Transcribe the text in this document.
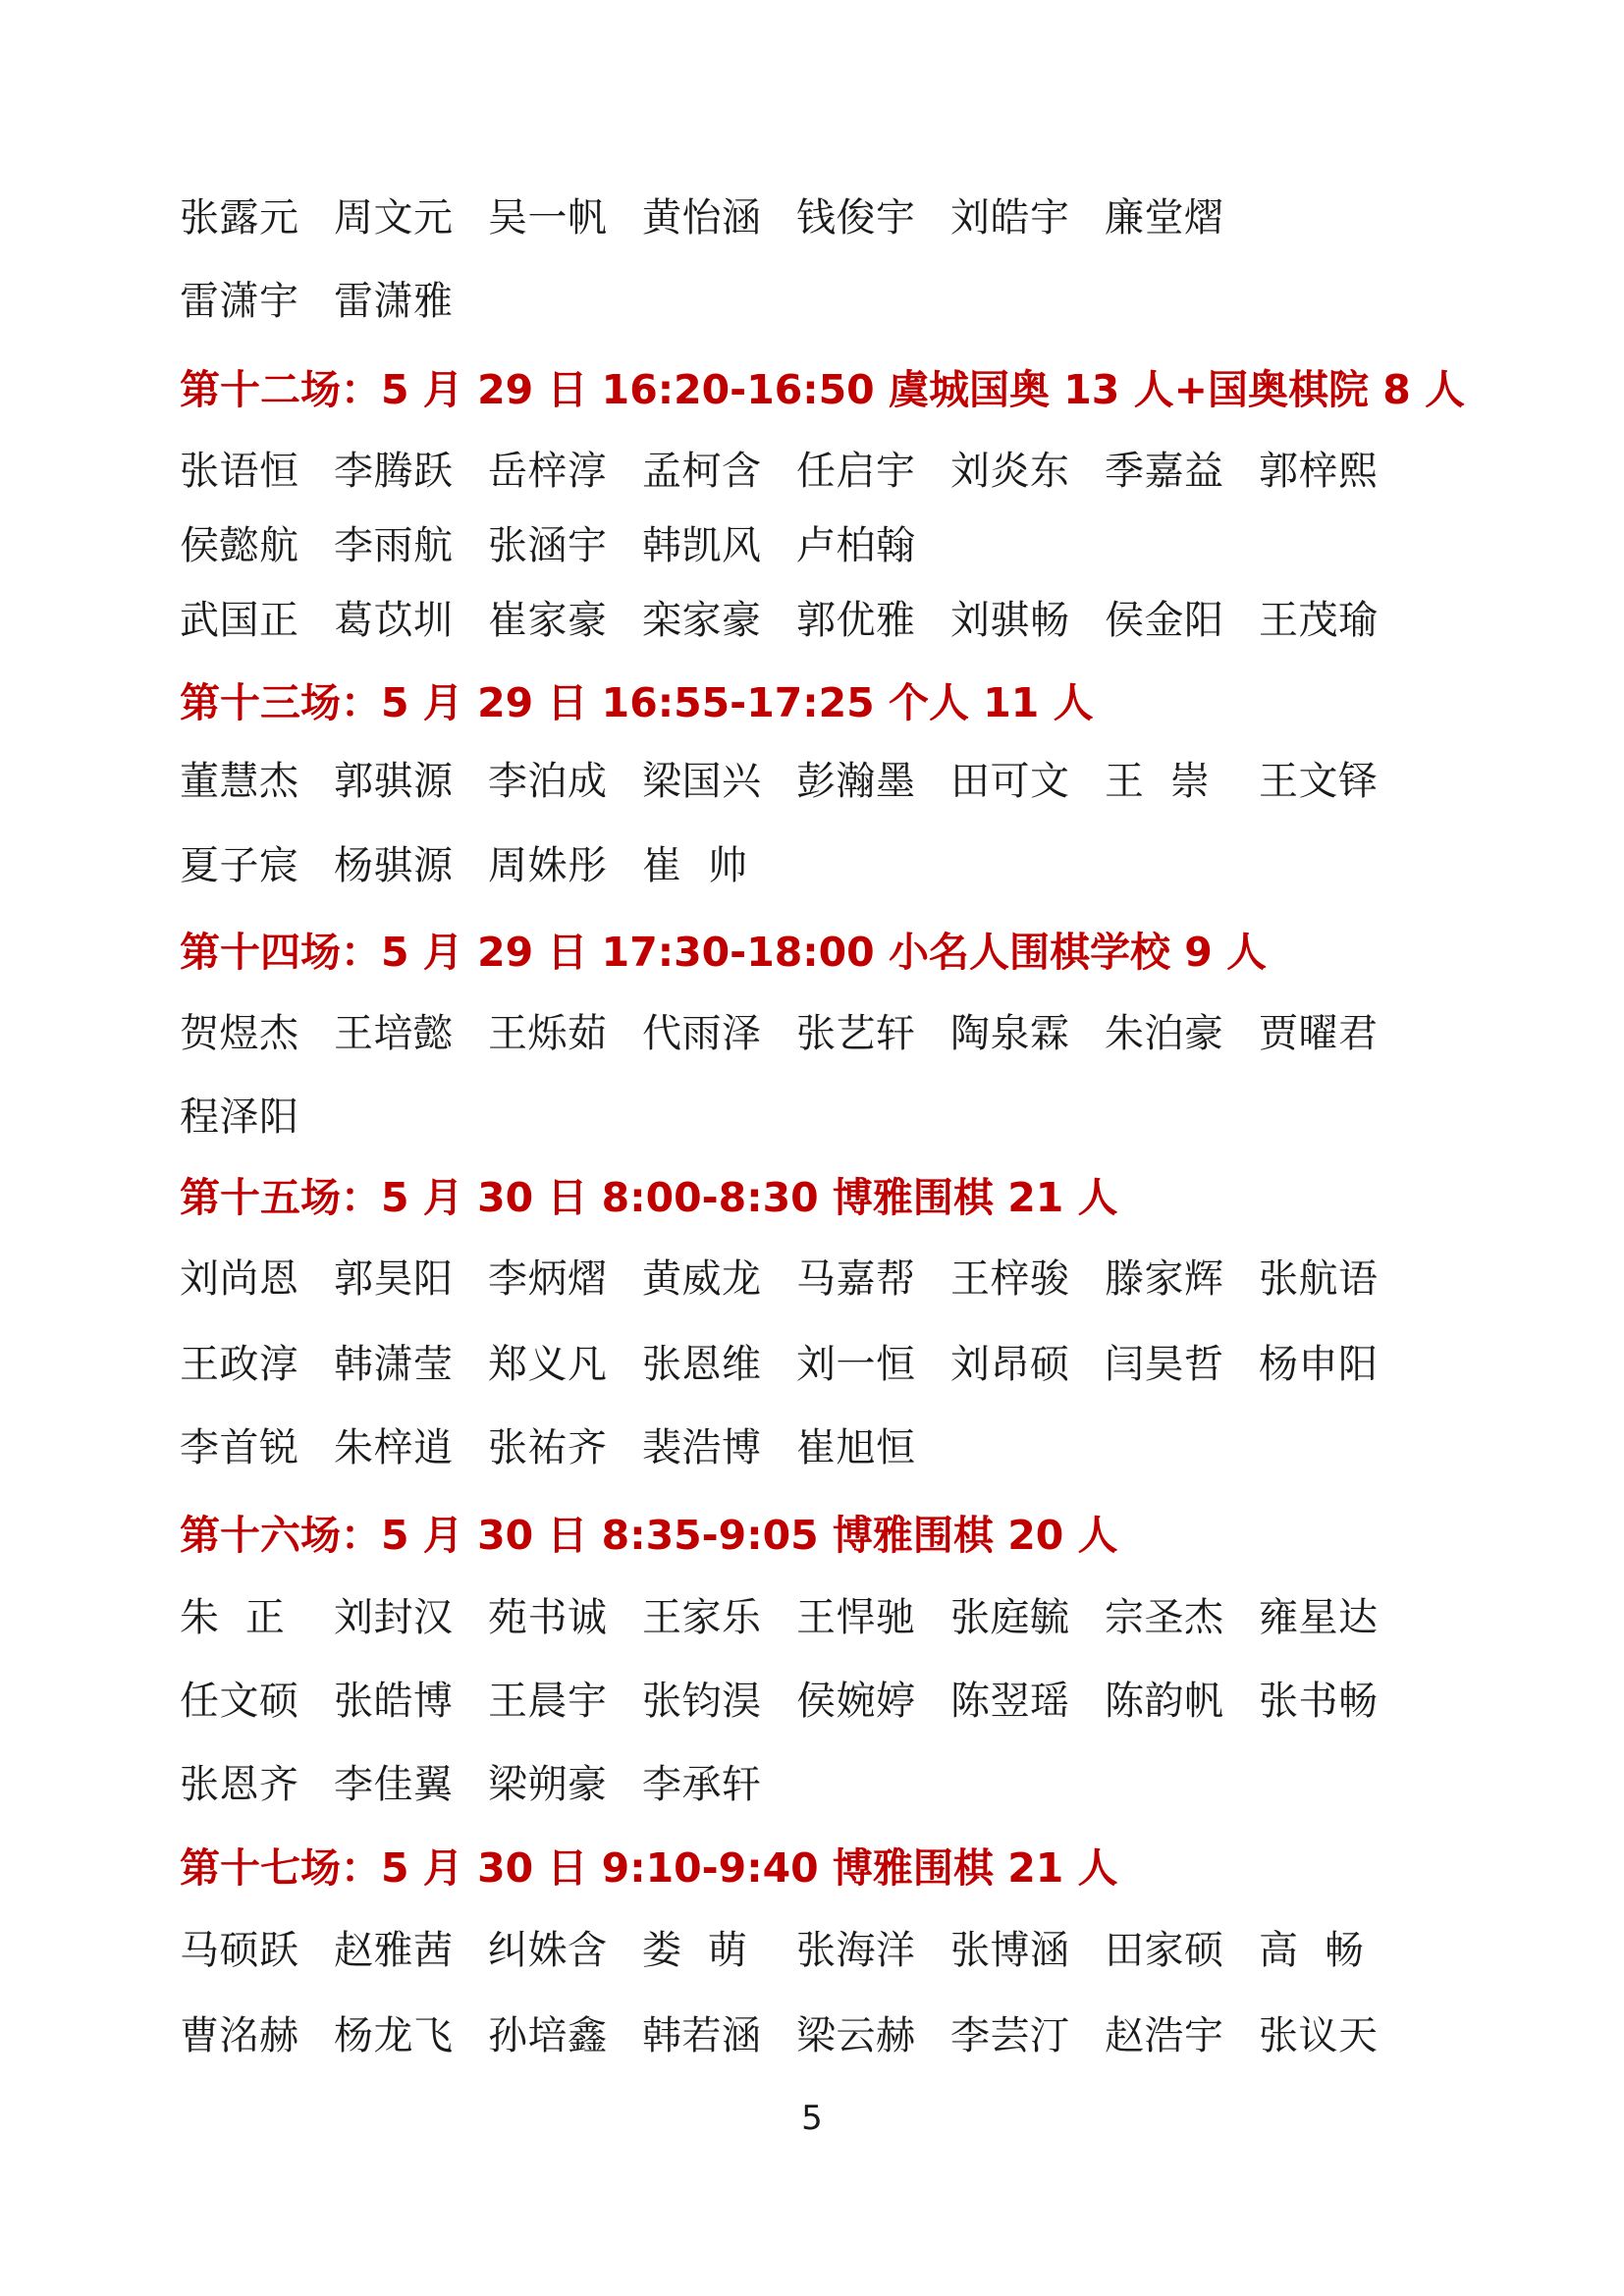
张露元 周文元 吴一帆 黄怡涵 钱俊宇 刘皓宇 廉堂熠
雷潇宇 雷潇雅
第十二场：5 月 29 日 16:20-16:50 虞城国奥 13 人+国奥棋院 8 人
张语恒 李腾跃 岳梓淳 孟柯含 任启宇 刘炎东 季嘉益 郭梓熙
侯懿航 李雨航 张涵宇 韩凯风 卢柏翰
武国正 葛苡圳 崔家豪 栾家豪 郭优雅 刘骐畅 侯金阳 王茂瑜
第十三场：5 月 29 日 16:55-17:25 个人 11 人
董慧杰 郭骐源 李泊成 梁国兴 彭瀚墨 田可文 王  崇 王文铎
夏子宸 杨骐源 周姝彤 崔  帅
第十四场：5 月 29 日 17:30-18:00 小名人围棋学校 9 人
贺煜杰 王培懿 王烁茹 代雨泽 张艺轩 陶泉霖 朱泊豪 贾曜君
程泽阳
第十五场：5 月 30 日 8:00-8:30 博雅围棋 21 人
刘尚恩 郭昊阳 李炳熠 黄威龙 马嘉帮 王梓骏 滕家辉 张航语
王政淳 韩潇莹 郑义凡 张恩维 刘一恒 刘昂硕 闫昊哲 杨申阳
李首锐 朱梓逍 张祐齐 裴浩博 崔旭恒
第十六场：5 月 30 日 8:35-9:05 博雅围棋 20 人
朱  正 刘封汉 苑书诚 王家乐 王悍驰 张庭毓 宗圣杰 雍星达
任文硕 张皓博 王晨宇 张钧淏 侯婉婷 陈翌瑶 陈韵帆 张书畅
张恩齐 李佳翼 梁朔豪 李承轩
第十七场：5 月 30 日 9:10-9:40 博雅围棋 21 人
马硕跃 赵雅茜 纠姝含 娄  萌 张海洋 张博涵 田家硕 高  畅
曹洺赫 杨龙飞 孙培鑫 韩若涵 梁云赫 李芸汀 赵浩宇 张议天
5
